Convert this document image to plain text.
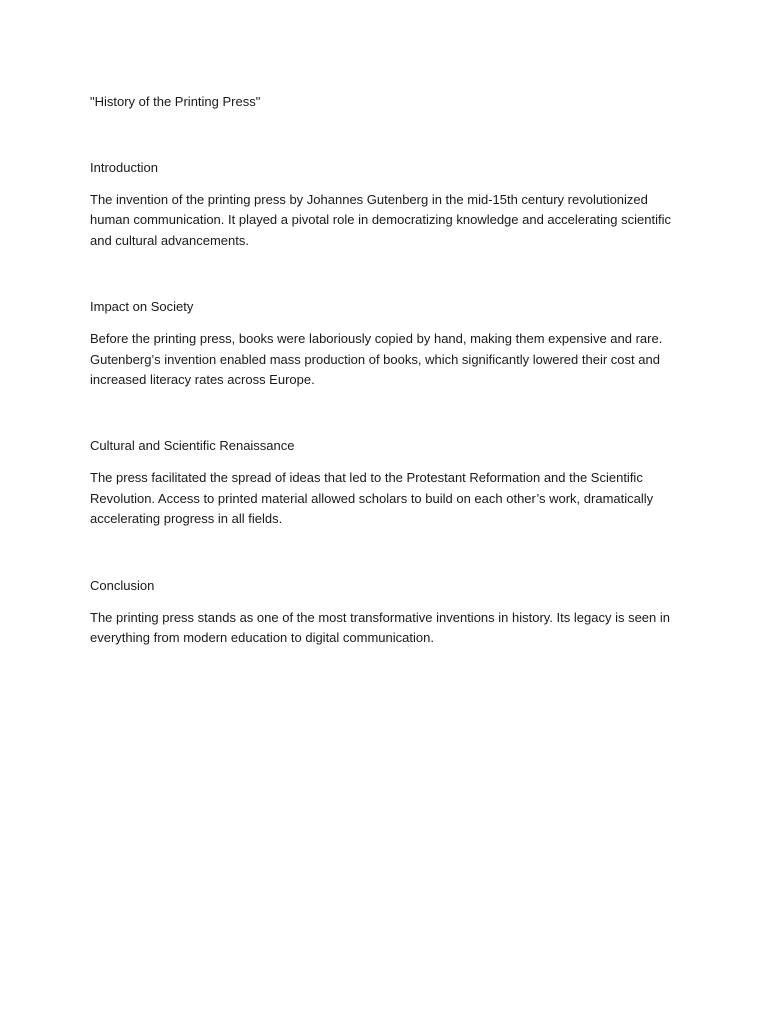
"History of the Printing Press"

Introduction

The invention of the printing press by Johannes Gutenberg in the mid-15th century revolutionized human communication. It played a pivotal role in democratizing knowledge and accelerating scientific and cultural advancements.

Impact on Society

Before the printing press, books were laboriously copied by hand, making them expensive and rare. Gutenberg’s invention enabled mass production of books, which significantly lowered their cost and increased literacy rates across Europe.

Cultural and Scientific Renaissance

The press facilitated the spread of ideas that led to the Protestant Reformation and the Scientific Revolution. Access to printed material allowed scholars to build on each other’s work, dramatically accelerating progress in all fields.

Conclusion

The printing press stands as one of the most transformative inventions in history. Its legacy is seen in everything from modern education to digital communication.
